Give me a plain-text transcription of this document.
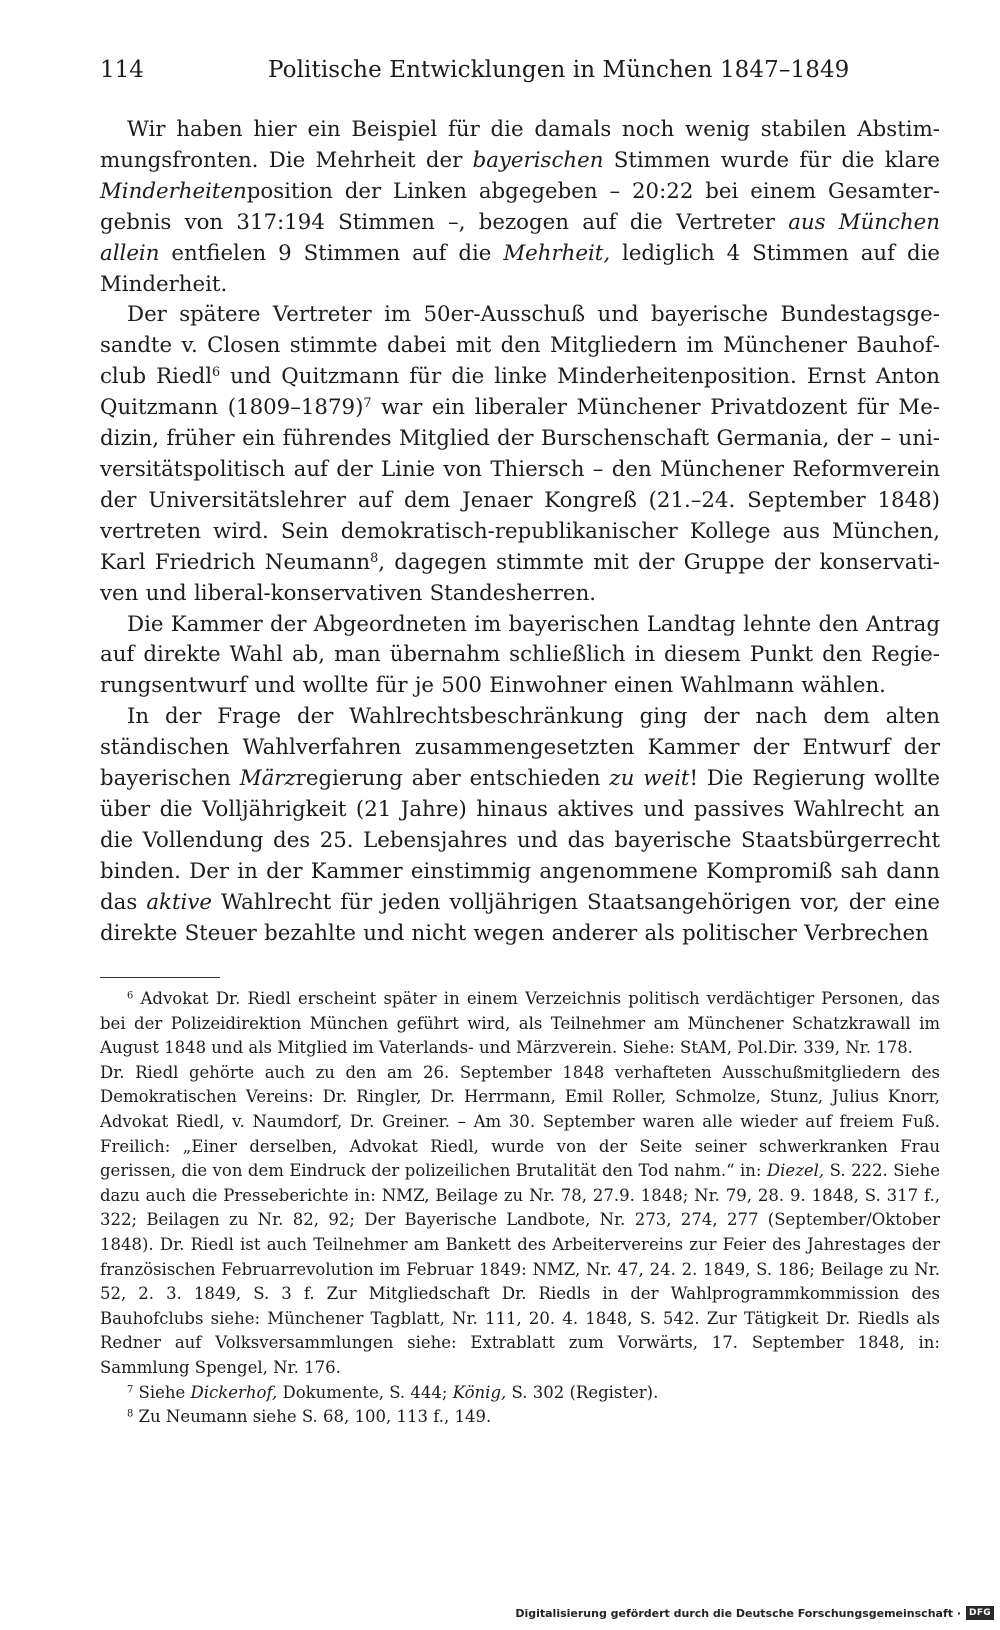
114	Politische Entwicklungen in München 1847–1849

Wir haben hier ein Beispiel für die damals noch wenig stabilen Abstimmungsfronten. Die Mehrheit der bayerischen Stimmen wurde für die klare Minderheitenposition der Linken abgegeben – 20:22 bei einem Gesamtergebnis von 317:194 Stimmen –, bezogen auf die Vertreter aus München allein entfielen 9 Stimmen auf die Mehrheit, lediglich 4 Stimmen auf die Minderheit.

Der spätere Vertreter im 50er-Ausschuß und bayerische Bundestagsgesandte v. Closen stimmte dabei mit den Mitgliedern im Münchener Bauhofclub Riedl$^6$ und Quitzmann für die linke Minderheitenposition. Ernst Anton Quitzmann (1809–1879)$^7$ war ein liberaler Münchener Privatdozent für Medizin, früher ein führendes Mitglied der Burschenschaft Germania, der – universitätspolitisch auf der Linie von Thiersch – den Münchener Reformverein der Universitätslehrer auf dem Jenaer Kongreß (21.–24. September 1848) vertreten wird. Sein demokratisch-republikanischer Kollege aus München, Karl Friedrich Neumann$^8$, dagegen stimmte mit der Gruppe der konservativen und liberal-konservativen Standesherren.

Die Kammer der Abgeordneten im bayerischen Landtag lehnte den Antrag auf direkte Wahl ab, man übernahm schließlich in diesem Punkt den Regierungsentwurf und wollte für je 500 Einwohner einen Wahlmann wählen.

In der Frage der Wahlrechtsbeschränkung ging der nach dem alten ständischen Wahlverfahren zusammengesetzten Kammer der Entwurf der bayerischen Märzregierung aber entschieden zu weit! Die Regierung wollte über die Volljährigkeit (21 Jahre) hinaus aktives und passives Wahlrecht an die Vollendung des 25. Lebensjahres und das bayerische Staatsbürgerrecht binden. Der in der Kammer einstimmig angenommene Kompromiß sah dann das aktive Wahlrecht für jeden volljährigen Staatsangehörigen vor, der eine direkte Steuer bezahlte und nicht wegen anderer als politischer Verbrechen

$^6$ Advokat Dr. Riedl erscheint später in einem Verzeichnis politisch verdächtiger Personen, das bei der Polizeidirektion München geführt wird, als Teilnehmer am Münchener Schatzkrawall im August 1848 und als Mitglied im Vaterlands- und Märzverein. Siehe: StAM, Pol.Dir. 339, Nr. 178.

Dr. Riedl gehörte auch zu den am 26. September 1848 verhafteten Ausschußmitgliedern des Demokratischen Vereins: Dr. Ringler, Dr. Herrmann, Emil Roller, Schmolze, Stunz, Julius Knorr, Advokat Riedl, v. Naumdorf, Dr. Greiner. – Am 30. September waren alle wieder auf freiem Fuß. Freilich: „Einer derselben, Advokat Riedl, wurde von der Seite seiner schwerkranken Frau gerissen, die von dem Eindruck der polizeilichen Brutalität den Tod nahm.“ in: Diezel, S. 222. Siehe dazu auch die Presseberichte in: NMZ, Beilage zu Nr. 78, 27.9. 1848; Nr. 79, 28. 9. 1848, S. 317 f., 322; Beilagen zu Nr. 82, 92; Der Bayerische Landbote, Nr. 273, 274, 277 (September/Oktober 1848). Dr. Riedl ist auch Teilnehmer am Bankett des Arbeitervereins zur Feier des Jahrestages der französischen Februarrevolution im Februar 1849: NMZ, Nr. 47, 24. 2. 1849, S. 186; Beilage zu Nr. 52, 2. 3. 1849, S. 3 f. Zur Mitgliedschaft Dr. Riedls in der Wahlprogrammkommission des Bauhofclubs siehe: Münchener Tagblatt, Nr. 111, 20. 4. 1848, S. 542. Zur Tätigkeit Dr. Riedls als Redner auf Volksversammlungen siehe: Extrablatt zum Vorwärts, 17. September 1848, in: Sammlung Spengel, Nr. 176.

$^7$ Siehe Dickerhof, Dokumente, S. 444; König, S. 302 (Register).

$^8$ Zu Neumann siehe S. 68, 100, 113 f., 149.

Digitalisierung gefördert durch die Deutsche Forschungsgemeinschaft · DFG
